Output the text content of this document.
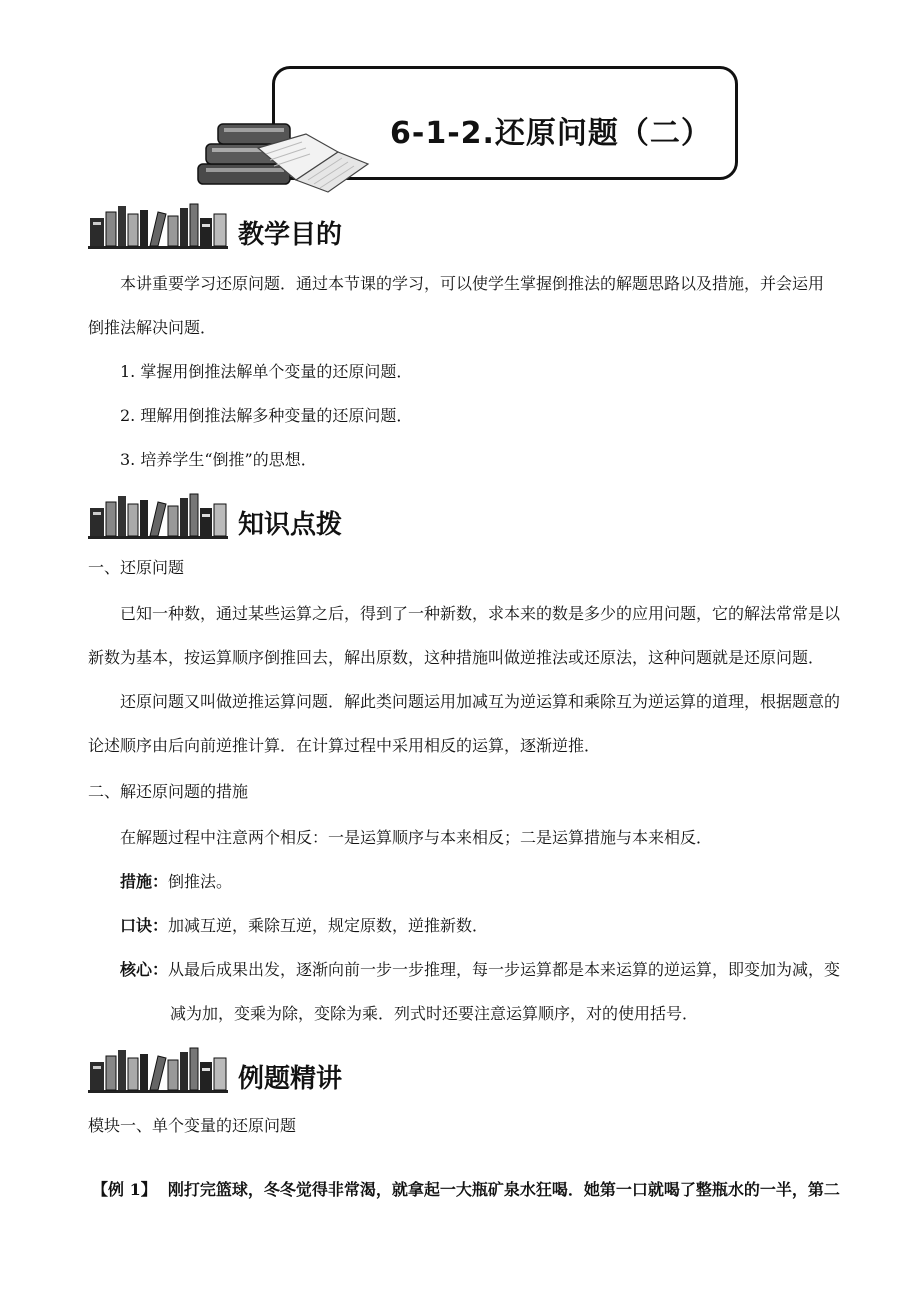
6-1-2.还原问题（二）
教学目的
本讲重要学习还原问题．通过本节课的学习，可以使学生掌握倒推法的解题思路以及措施，并会运用
倒推法解决问题．
1. 掌握用倒推法解单个变量的还原问题．
2. 理解用倒推法解多种变量的还原问题．
3. 培养学生“倒推”的思想．
知识点拨
一、还原问题
已知一种数，通过某些运算之后，得到了一种新数，求本来的数是多少的应用问题，它的解法常常是以
新数为基本，按运算顺序倒推回去，解出原数，这种措施叫做逆推法或还原法，这种问题就是还原问题．
还原问题又叫做逆推运算问题．解此类问题运用加减互为逆运算和乘除互为逆运算的道理，根据题意的
论述顺序由后向前逆推计算．在计算过程中采用相反的运算，逐渐逆推．
二、解还原问题的措施
在解题过程中注意两个相反：一是运算顺序与本来相反；二是运算措施与本来相反．
措施：倒推法。
口诀：加减互逆，乘除互逆，规定原数，逆推新数．
核心：从最后成果出发，逐渐向前一步一步推理，每一步运算都是本来运算的逆运算，即变加为减，变
减为加，变乘为除，变除为乘．列式时还要注意运算顺序，对的使用括号．
例题精讲
模块一、单个变量的还原问题
【例 1】 刚打完篮球，冬冬觉得非常渴，就拿起一大瓶矿泉水狂喝．她第一口就喝了整瓶水的一半，第二
